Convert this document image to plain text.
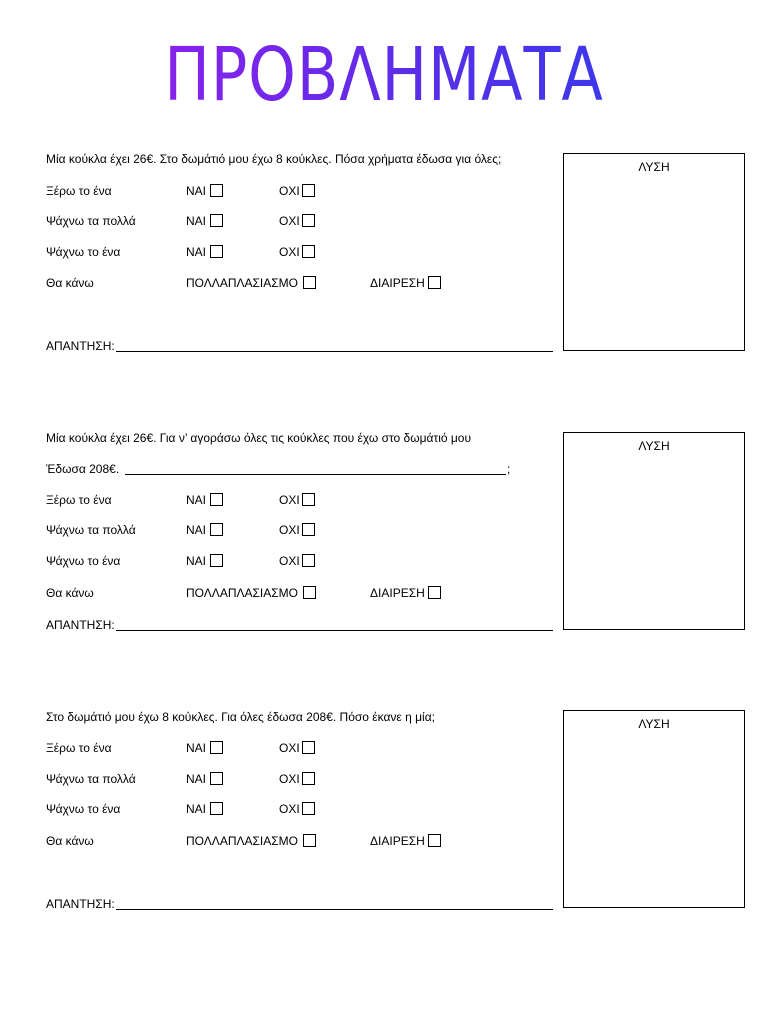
ΠΡΟΒΛΗΜΑΤΑ
Μία κούκλα έχει 26€. Στο δωμάτιό μου έχω 8 κούκλες. Πόσα χρήματα έδωσα για όλες;
Ξέρω το ένα	ΝΑΙ	ΟΧΙ
Ψάχνω τα πολλά	ΝΑΙ	ΟΧΙ
Ψάχνω το ένα	ΝΑΙ	ΟΧΙ
Θα κάνω	ΠΟΛΛΑΠΛΑΣΙΑΣΜΟ	ΔΙΑΙΡΕΣΗ
ΑΠΑΝΤΗΣΗ:
ΛΥΣΗ
Μία κούκλα έχει 26€. Για ν’ αγοράσω όλες τις κούκλες που έχω στο δωμάτιό μου
Έδωσα 208€.	;
Ξέρω το ένα	ΝΑΙ	ΟΧΙ
Ψάχνω τα πολλά	ΝΑΙ	ΟΧΙ
Ψάχνω το ένα	ΝΑΙ	ΟΧΙ
Θα κάνω	ΠΟΛΛΑΠΛΑΣΙΑΣΜΟ	ΔΙΑΙΡΕΣΗ
ΑΠΑΝΤΗΣΗ:
ΛΥΣΗ
Στο δωμάτιό μου έχω 8 κούκλες. Για όλες έδωσα 208€. Πόσο έκανε η μία;
Ξέρω το ένα	ΝΑΙ	ΟΧΙ
Ψάχνω τα πολλά	ΝΑΙ	ΟΧΙ
Ψάχνω το ένα	ΝΑΙ	ΟΧΙ
Θα κάνω	ΠΟΛΛΑΠΛΑΣΙΑΣΜΟ	ΔΙΑΙΡΕΣΗ
ΑΠΑΝΤΗΣΗ:
ΛΥΣΗ
